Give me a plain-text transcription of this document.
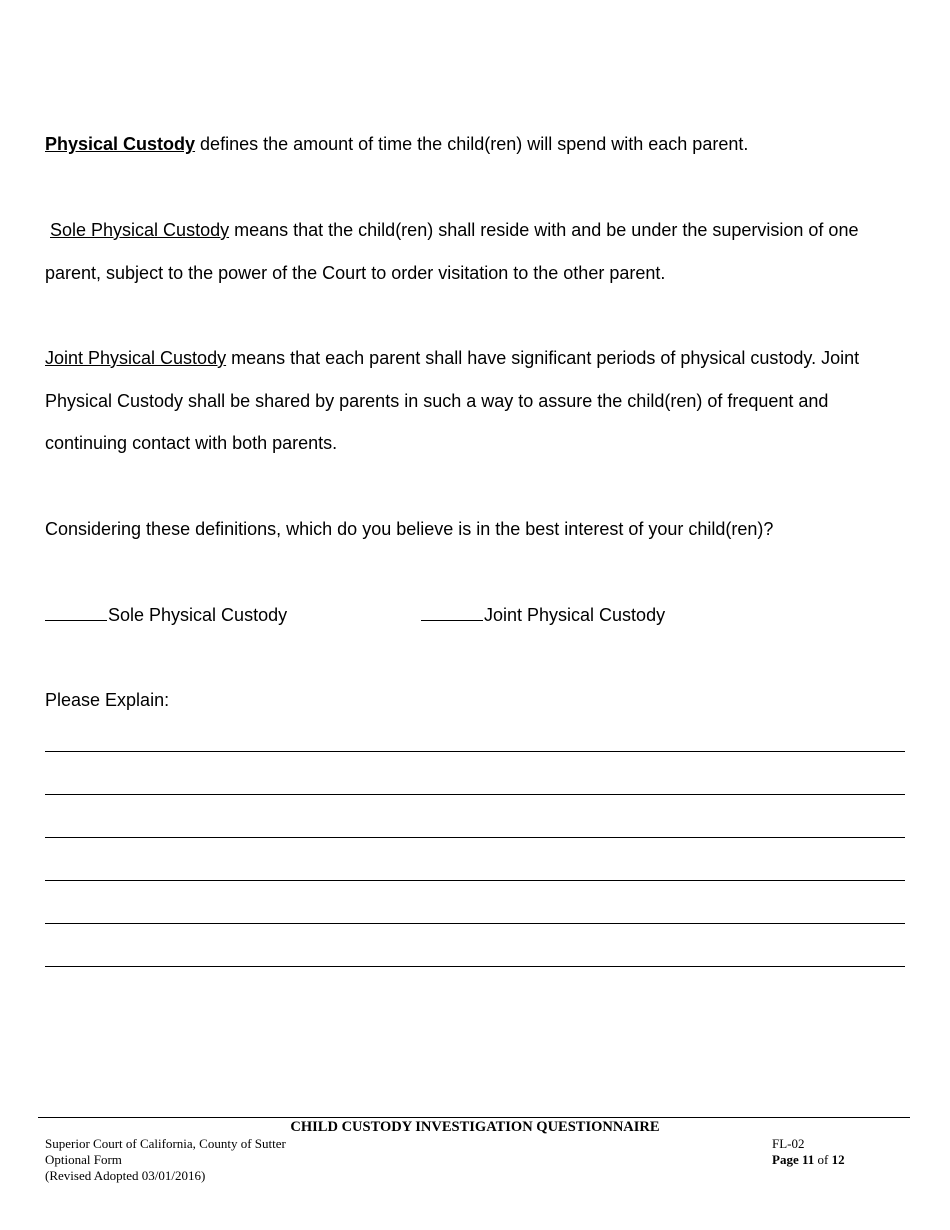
Physical Custody defines the amount of time the child(ren) will spend with each parent.
Sole Physical Custody means that the child(ren) shall reside with and be under the supervision of one
parent, subject to the power of the Court to order visitation to the other parent.
Joint Physical Custody means that each parent shall have significant periods of physical custody. Joint
Physical Custody shall be shared by parents in such a way to assure the child(ren) of frequent and
continuing contact with both parents.
Considering these definitions, which do you believe is in the best interest of your child(ren)?
Sole Physical Custody	Joint Physical Custody
Please Explain:
CHILD CUSTODY INVESTIGATION QUESTIONNAIRE
Superior Court of California, County of Sutter
Optional Form
(Revised Adopted 03/01/2016)
FL-02
Page 11 of 12
